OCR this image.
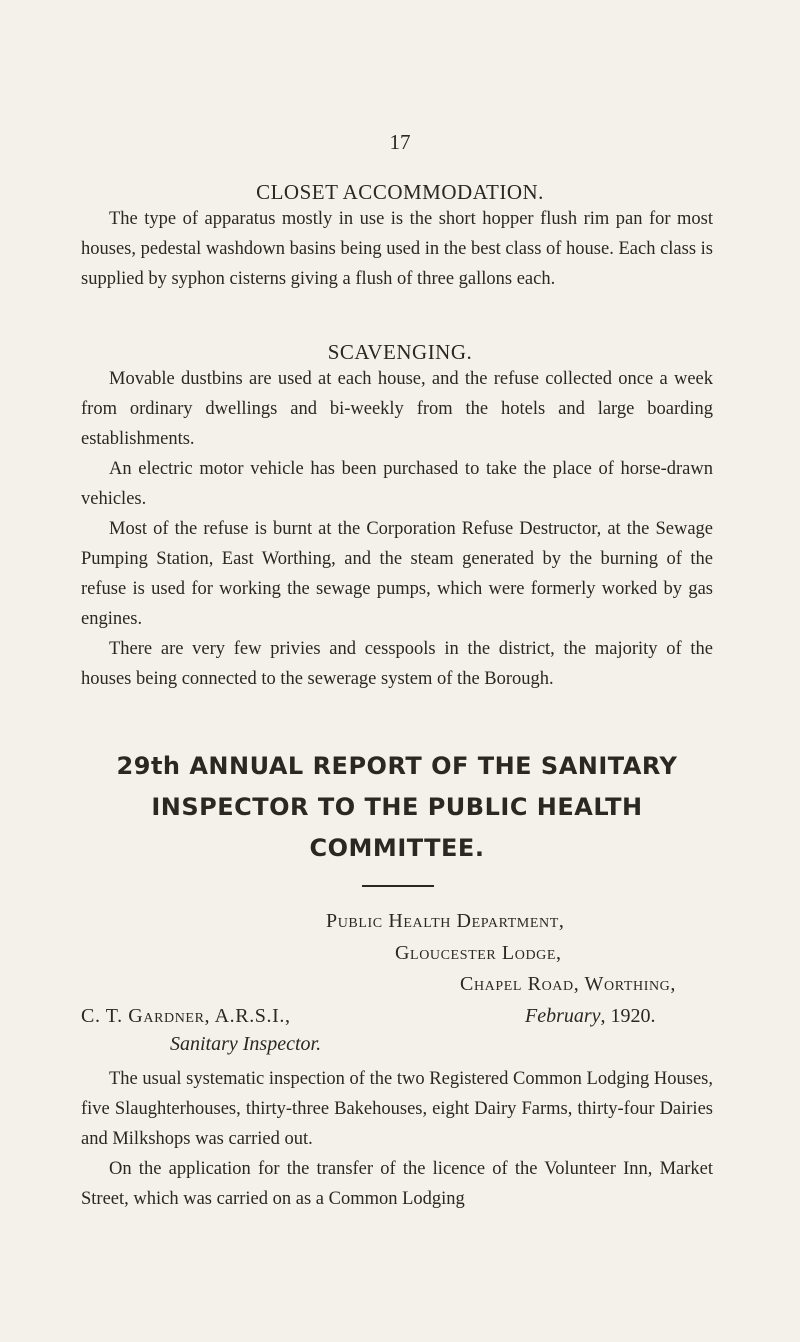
17
CLOSET ACCOMMODATION.

The type of apparatus mostly in use is the short hopper flush rim pan for most houses, pedestal washdown basins being used in the best class of house. Each class is supplied by syphon cisterns giving a flush of three gallons each.

SCAVENGING.

Movable dustbins are used at each house, and the refuse collected once a week from ordinary dwellings and bi-weekly from the hotels and large boarding establishments.

An electric motor vehicle has been purchased to take the place of horse-drawn vehicles.

Most of the refuse is burnt at the Corporation Refuse Destructor, at the Sewage Pumping Station, East Worthing, and the steam generated by the burning of the refuse is used for working the sewage pumps, which were formerly worked by gas engines.

There are very few privies and cesspools in the district, the majority of the houses being connected to the sewerage system of the Borough.

29th ANNUAL REPORT OF THE SANITARY
INSPECTOR TO THE PUBLIC HEALTH
COMMITTEE.
Public Health Department,
Gloucester Lodge,
Chapel Road, Worthing,
C. T. Gardner, A.R.S.I.,	February, 1920.
Sanitary Inspector.

The usual systematic inspection of the two Registered Common Lodging Houses, five Slaughterhouses, thirty-three Bakehouses, eight Dairy Farms, thirty-four Dairies and Milkshops was carried out.

On the application for the transfer of the licence of the Volunteer Inn, Market Street, which was carried on as a Common Lodging
